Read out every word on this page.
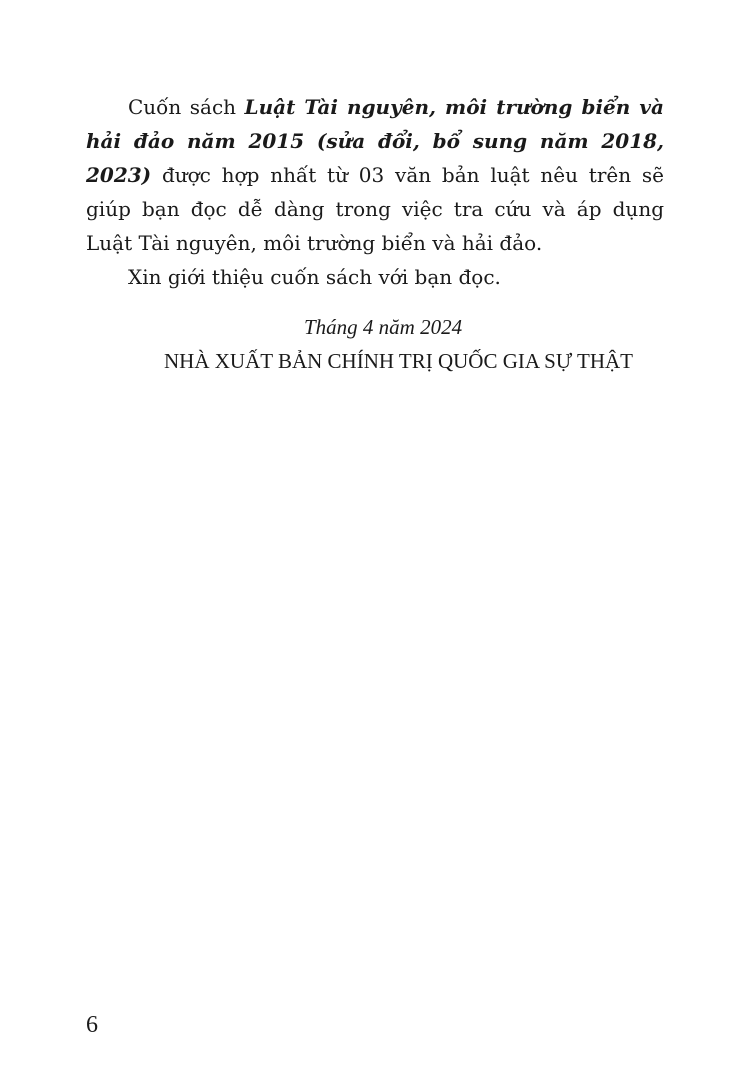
Cuốn sách Luật Tài nguyên, môi trường biển và hải đảo năm 2015 (sửa đổi, bổ sung năm 2018, 2023) được hợp nhất từ 03 văn bản luật nêu trên sẽ giúp bạn đọc dễ dàng trong việc tra cứu và áp dụng Luật Tài nguyên, môi trường biển và hải đảo.

Xin giới thiệu cuốn sách với bạn đọc.

Tháng 4 năm 2024
NHÀ XUẤT BẢN CHÍNH TRỊ QUỐC GIA SỰ THẬT
6
